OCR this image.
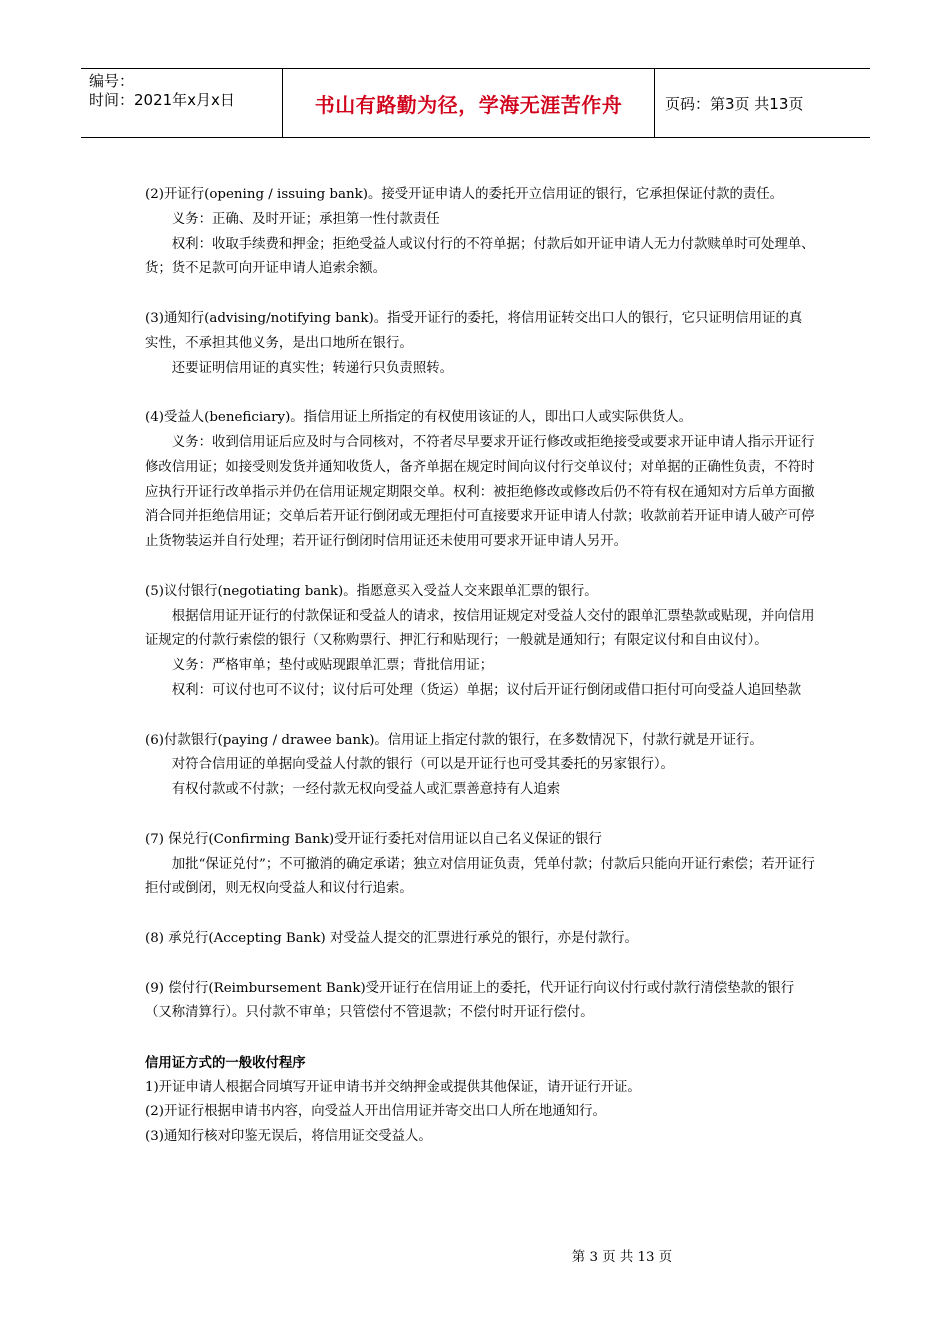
编号：
时间：2021年x月x日	书山有路勤为径，学海无涯苦作舟	页码：第3页 共13页

(2)开证行(opening / issuing bank)。接受开证申请人的委托开立信用证的银行，它承担保证付款的责任。

义务：正确、及时开证；承担第一性付款责任

权利：收取手续费和押金；拒绝受益人或议付行的不符单据；付款后如开证申请人无力付款赎单时可处理单、货；货不足款可向开证申请人追索余额。

(3)通知行(advising/notifying bank)。指受开证行的委托，将信用证转交出口人的银行，它只证明信用证的真实性，不承担其他义务，是出口地所在银行。

还要证明信用证的真实性；转递行只负责照转。

(4)受益人(beneficiary)。指信用证上所指定的有权使用该证的人，即出口人或实际供货人。

义务：收到信用证后应及时与合同核对，不符者尽早要求开证行修改或拒绝接受或要求开证申请人指示开证行修改信用证；如接受则发货并通知收货人，备齐单据在规定时间向议付行交单议付；对单据的正确性负责，不符时应执行开证行改单指示并仍在信用证规定期限交单。权利：被拒绝修改或修改后仍不符有权在通知对方后单方面撤消合同并拒绝信用证；交单后若开证行倒闭或无理拒付可直接要求开证申请人付款；收款前若开证申请人破产可停止货物装运并自行处理；若开证行倒闭时信用证还未使用可要求开证申请人另开。

(5)议付银行(negotiating bank)。指愿意买入受益人交来跟单汇票的银行。

根据信用证开证行的付款保证和受益人的请求，按信用证规定对受益人交付的跟单汇票垫款或贴现，并向信用证规定的付款行索偿的银行（又称购票行、押汇行和贴现行；一般就是通知行；有限定议付和自由议付）。

义务：严格审单；垫付或贴现跟单汇票；背批信用证；

权利：可议付也可不议付；议付后可处理（货运）单据；议付后开证行倒闭或借口拒付可向受益人追回垫款

(6)付款银行(paying / drawee bank)。信用证上指定付款的银行，在多数情况下，付款行就是开证行。

对符合信用证的单据向受益人付款的银行（可以是开证行也可受其委托的另家银行）。

有权付款或不付款；一经付款无权向受益人或汇票善意持有人追索

(7) 保兑行(Confirming Bank)受开证行委托对信用证以自己名义保证的银行

加批“保证兑付”；不可撤消的确定承诺；独立对信用证负责，凭单付款；付款后只能向开证行索偿；若开证行拒付或倒闭，则无权向受益人和议付行追索。

(8) 承兑行(Accepting Bank) 对受益人提交的汇票进行承兑的银行，亦是付款行。

(9) 偿付行(Reimbursement Bank)受开证行在信用证上的委托，代开证行向议付行或付款行清偿垫款的银行（又称清算行）。只付款不审单；只管偿付不管退款；不偿付时开证行偿付。

信用证方式的一般收付程序

1)开证申请人根据合同填写开证申请书并交纳押金或提供其他保证，请开证行开证。

(2)开证行根据申请书内容，向受益人开出信用证并寄交出口人所在地通知行。

(3)通知行核对印鉴无误后，将信用证交受益人。

第 3 页 共 13 页
